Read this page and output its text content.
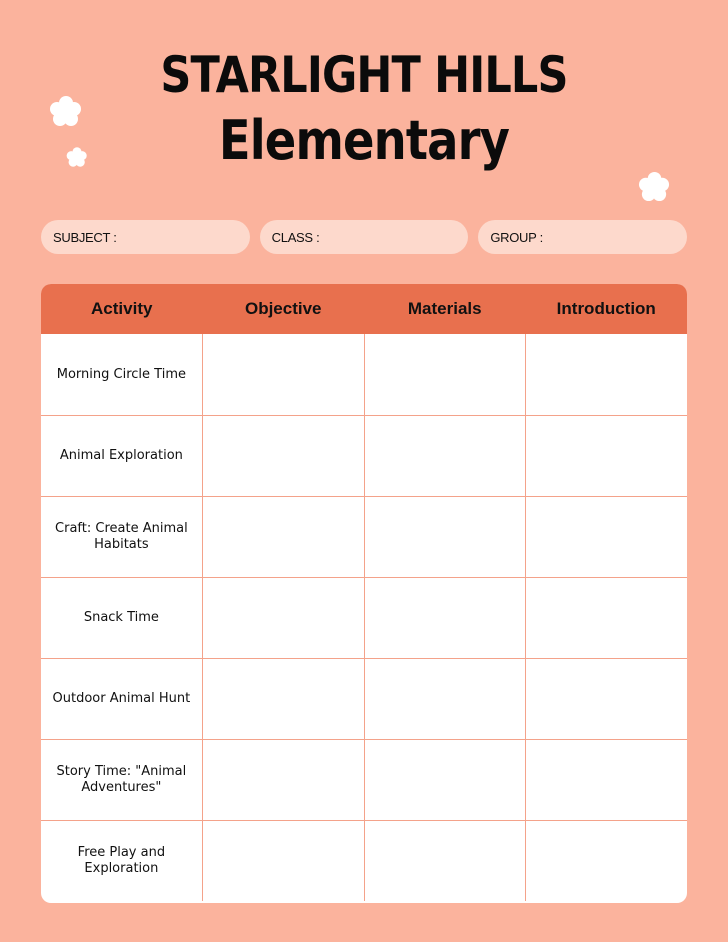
STARLIGHT HILLS
Elementary
SUBJECT :	CLASS :	GROUP :
Activity	Objective	Materials	Introduction
Morning Circle Time
Animal Exploration
Craft: Create Animal Habitats
Snack Time
Outdoor Animal Hunt
Story Time: "Animal Adventures"
Free Play and Exploration
